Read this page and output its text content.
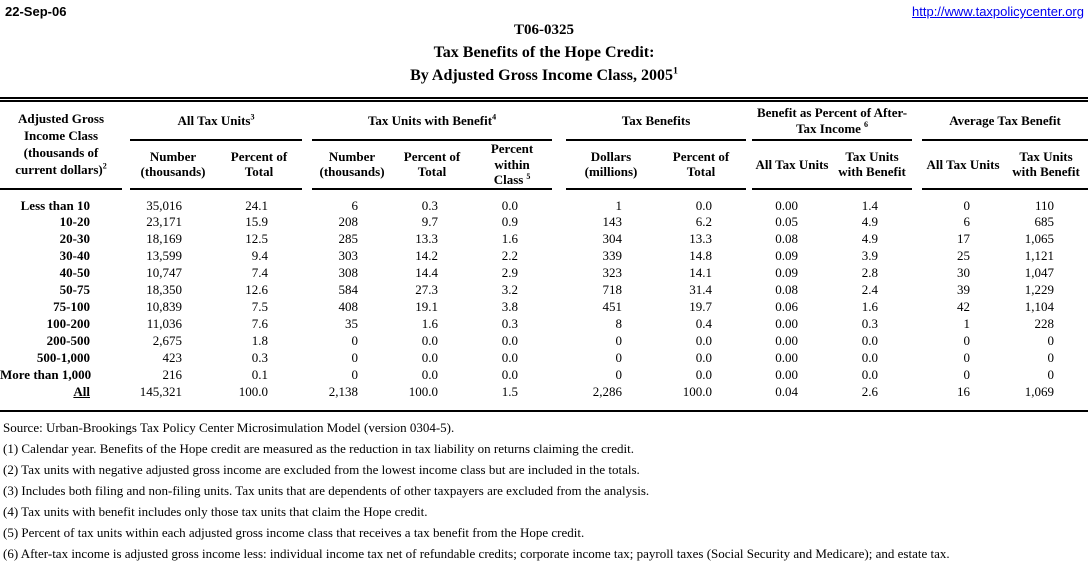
22-Sep-06	http://www.taxpolicycenter.org
T06-0325
Tax Benefits of the Hope Credit:
By Adjusted Gross Income Class, 2005$^1$
Adjusted Gross
Income Class
(thousands of
current dollars)$^2$
		All Tax Units$^3$		Tax Units with Benefit$^4$		Tax Benefits		Benefit as Percent of After-
Tax Income $^6$		Average Tax Benefit
		Number
(thousands)	Percent of
Total		Number
(thousands)	Percent of
Total	Percent within
Class $^5$		Dollars
(millions)	Percent of
Total		All Tax Units	Tax Units
with Benefit		All Tax Units	Tax Units
with Benefit
Less than 10		35,016	24.1		6	0.3	0.0		1	0.0		0.00	1.4		0	110
10-20		23,171	15.9		208	9.7	0.9		143	6.2		0.05	4.9		6	685
20-30		18,169	12.5		285	13.3	1.6		304	13.3		0.08	4.9		17	1,065
30-40		13,599	9.4		303	14.2	2.2		339	14.8		0.09	3.9		25	1,121
40-50		10,747	7.4		308	14.4	2.9		323	14.1		0.09	2.8		30	1,047
50-75		18,350	12.6		584	27.3	3.2		718	31.4		0.08	2.4		39	1,229
75-100		10,839	7.5		408	19.1	3.8		451	19.7		0.06	1.6		42	1,104
100-200		11,036	7.6		35	1.6	0.3		8	0.4		0.00	0.3		1	228
200-500		2,675	1.8		0	0.0	0.0		0	0.0		0.00	0.0		0	0
500-1,000		423	0.3		0	0.0	0.0		0	0.0		0.00	0.0		0	0
More than 1,000		216	0.1		0	0.0	0.0		0	0.0		0.00	0.0		0	0
All		145,321	100.0		2,138	100.0	1.5		2,286	100.0		0.04	2.6		16	1,069
Source: Urban-Brookings Tax Policy Center Microsimulation Model (version 0304-5).
(1) Calendar year. Benefits of the Hope credit are measured as the reduction in tax liability on returns claiming the credit.
(2) Tax units with negative adjusted gross income are excluded from the lowest income class but are included in the totals.
(3) Includes both filing and non-filing units. Tax units that are dependents of other taxpayers are excluded from the analysis.
(4) Tax units with benefit includes only those tax units that claim the Hope credit.
(5) Percent of tax units within each adjusted gross income class that receives a tax benefit from the Hope credit.
(6) After-tax income is adjusted gross income less: individual income tax net of refundable credits; corporate income tax; payroll taxes (Social Security and Medicare); and estate tax.
